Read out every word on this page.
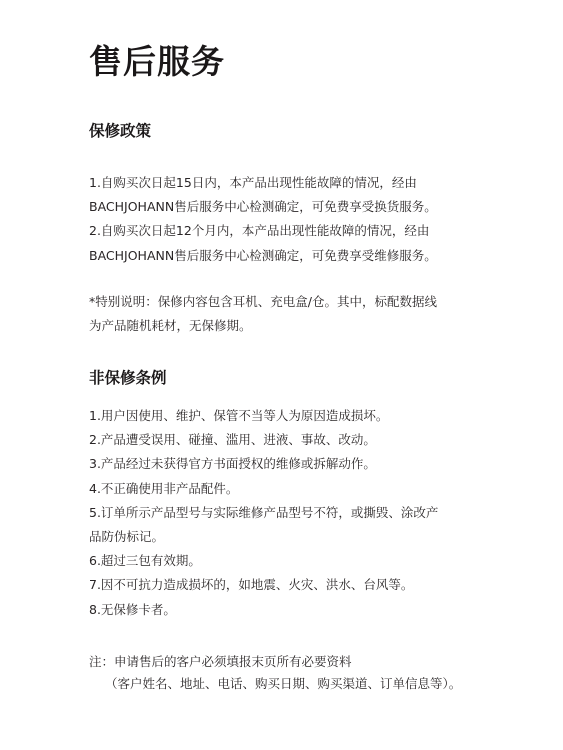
售后服务
保修政策
1.自购买次日起15日内，本产品出现性能故障的情况，经由
BACHJOHANN售后服务中心检测确定，可免费享受换货服务。
2.自购买次日起12个月内，本产品出现性能故障的情况，经由
BACHJOHANN售后服务中心检测确定，可免费享受维修服务。
*特别说明：保修内容包含耳机、充电盒/仓。其中，标配数据线
为产品随机耗材，无保修期。
非保修条例
1.用户因使用、维护、保管不当等人为原因造成损坏。
2.产品遭受误用、碰撞、滥用、进液、事故、改动。
3.产品经过未获得官方书面授权的维修或拆解动作。
4.不正确使用非产品配件。
5.订单所示产品型号与实际维修产品型号不符，或撕毁、涂改产
品防伪标记。
6.超过三包有效期。
7.因不可抗力造成损坏的，如地震、火灾、洪水、台风等。
8.无保修卡者。
注：申请售后的客户必须填报末页所有必要资料
（客户姓名、地址、电话、购买日期、购买渠道、订单信息等）。
